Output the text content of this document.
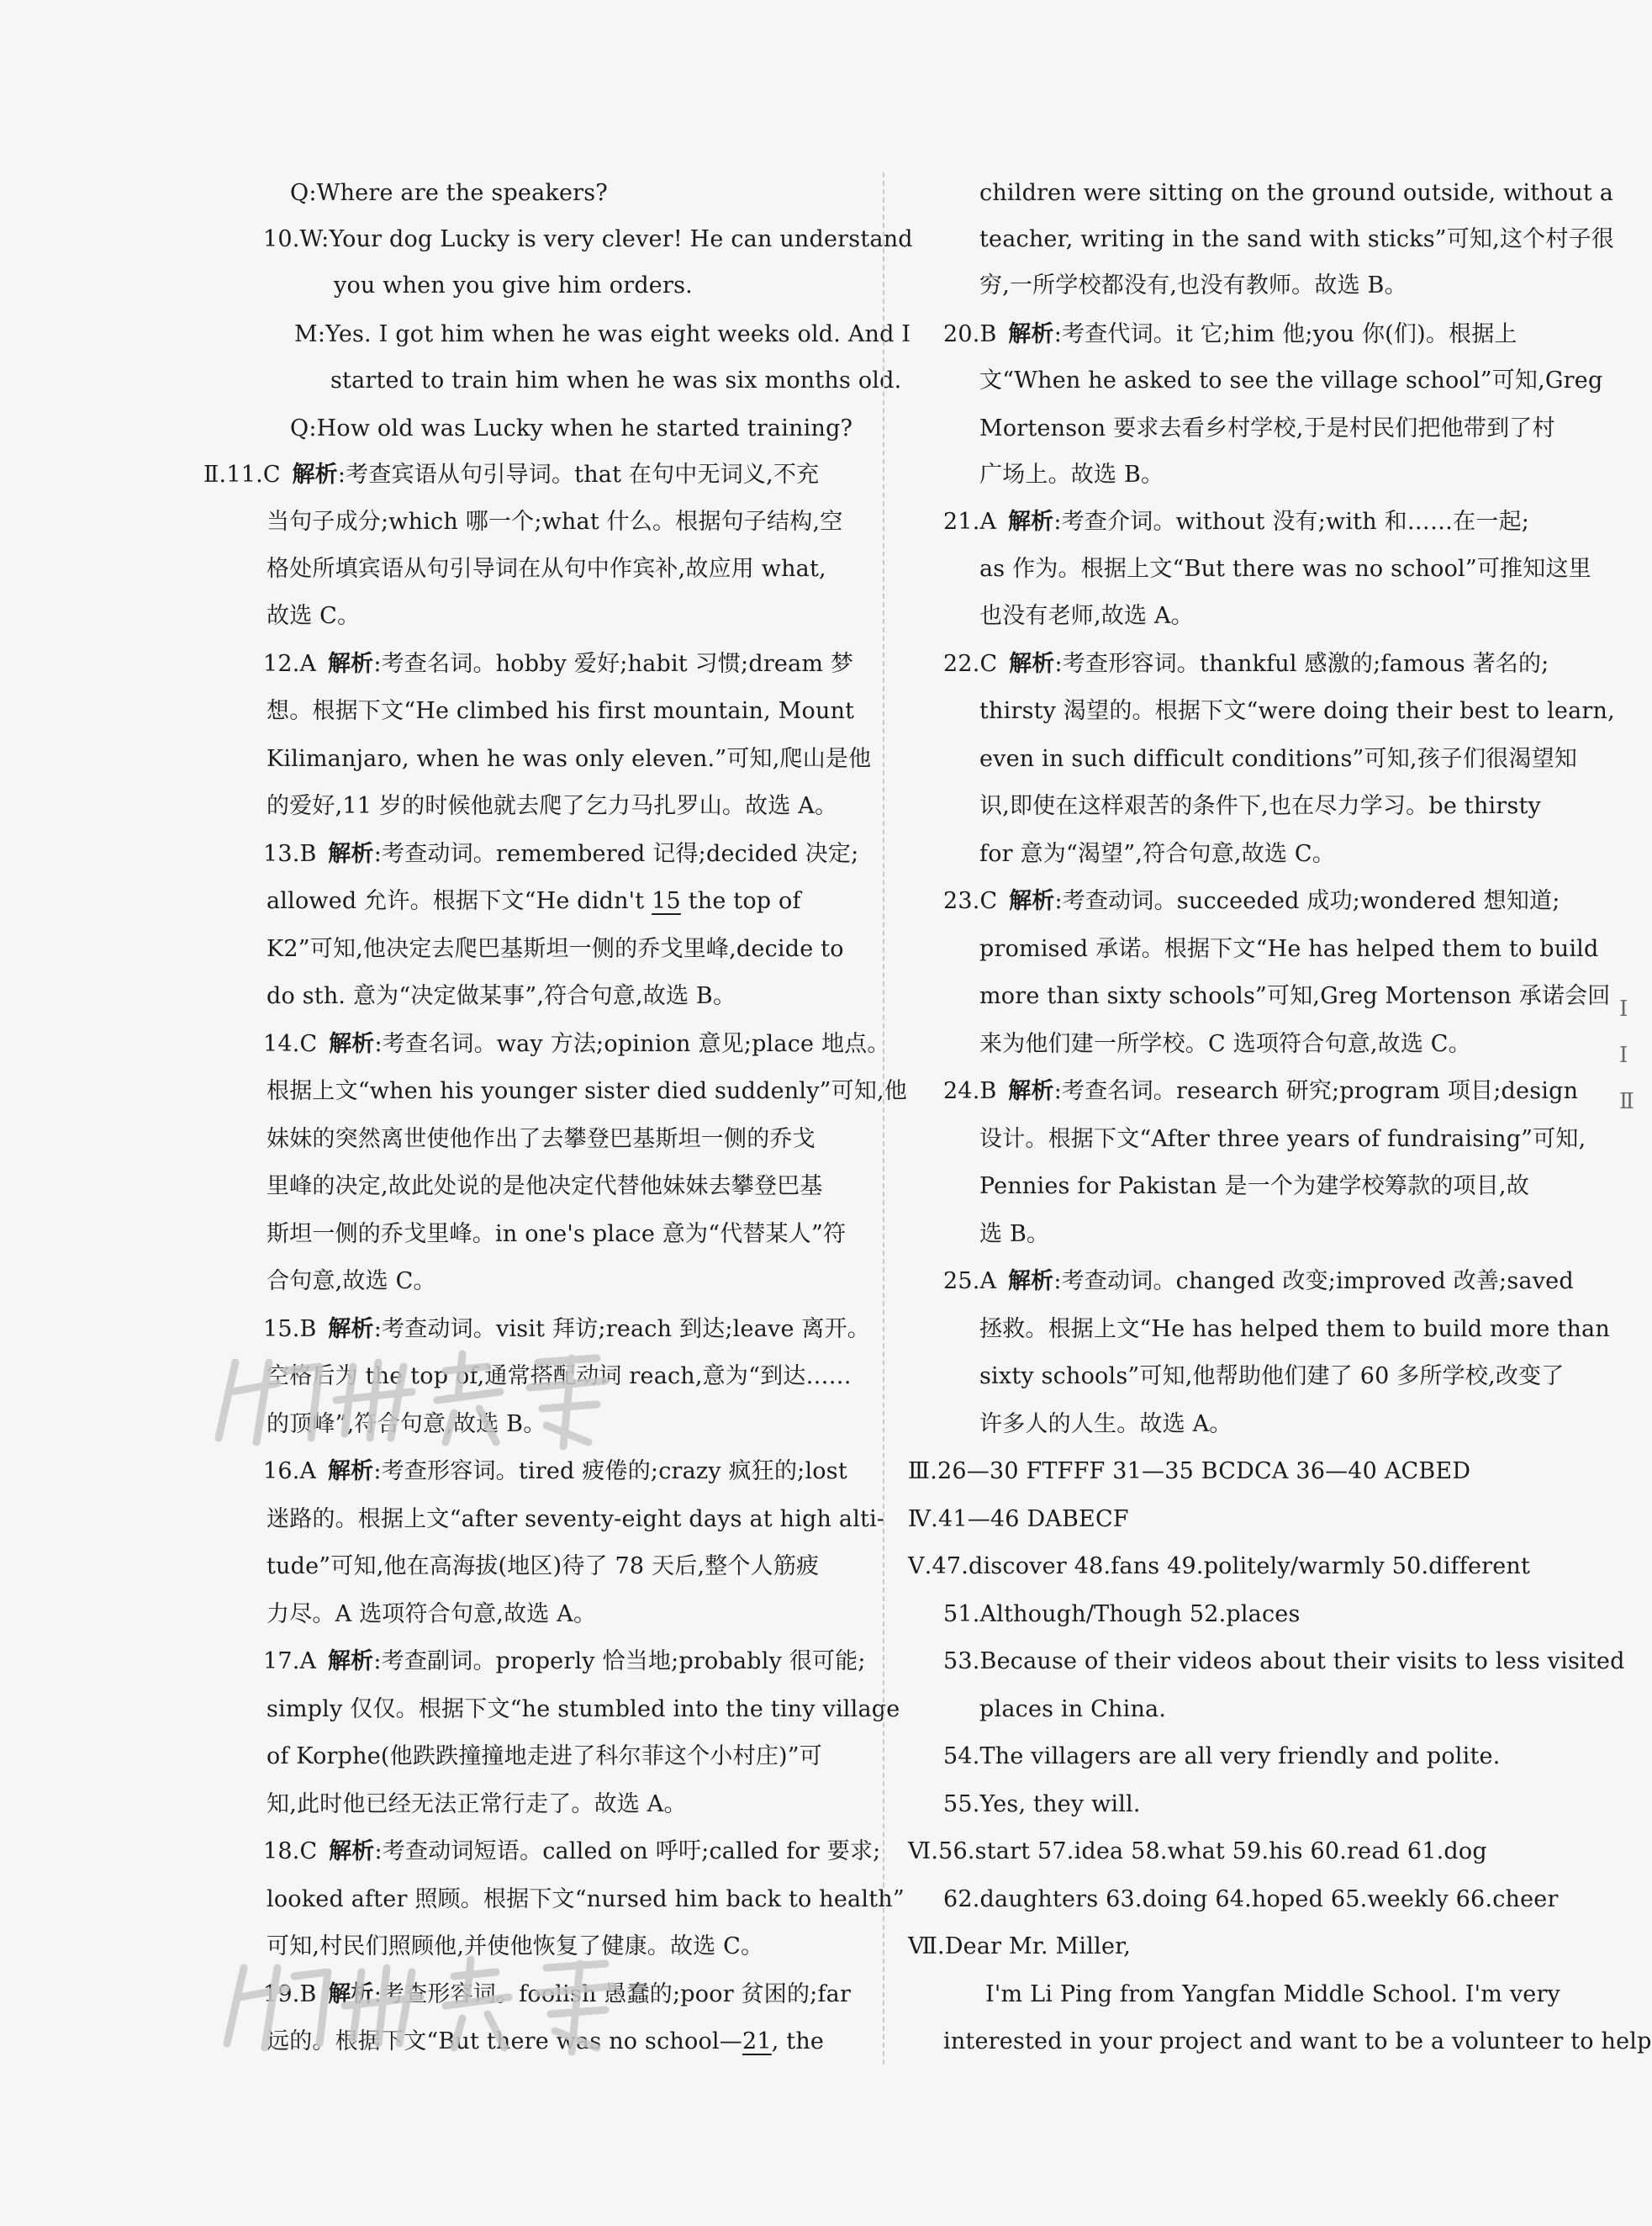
Q:Where are the speakers?
10.W:Your dog Lucky is very clever! He can understand
you when you give him orders.
M:Yes. I got him when he was eight weeks old. And I
started to train him when he was six months old.
Q:How old was Lucky when he started training?
Ⅱ.11.C  解析:考查宾语从句引导词。that 在句中无词义,不充
当句子成分;which 哪一个;what 什么。根据句子结构,空
格处所填宾语从句引导词在从句中作宾补,故应用 what,
故选 C。
12.A  解析:考查名词。hobby 爱好;habit 习惯;dream 梦
想。根据下文“He climbed his first mountain, Mount
Kilimanjaro, when he was only eleven.”可知,爬山是他
的爱好,11 岁的时候他就去爬了乞力马扎罗山。故选 A。
13.B  解析:考查动词。remembered 记得;decided 决定;
allowed 允许。根据下文“He didn't 15 the top of
K2”可知,他决定去爬巴基斯坦一侧的乔戈里峰,decide to
do sth. 意为“决定做某事”,符合句意,故选 B。
14.C  解析:考查名词。way 方法;opinion 意见;place 地点。
根据上文“when his younger sister died suddenly”可知,他
妹妹的突然离世使他作出了去攀登巴基斯坦一侧的乔戈
里峰的决定,故此处说的是他决定代替他妹妹去攀登巴基
斯坦一侧的乔戈里峰。in one's place 意为“代替某人”符
合句意,故选 C。
15.B  解析:考查动词。visit 拜访;reach 到达;leave 离开。
空格后为 the top of,通常搭配动词 reach,意为“到达……
的顶峰”,符合句意,故选 B。
16.A  解析:考查形容词。tired 疲倦的;crazy 疯狂的;lost
迷路的。根据上文“after seventy-eight days at high alti-
tude”可知,他在高海拔(地区)待了 78 天后,整个人筋疲
力尽。A 选项符合句意,故选 A。
17.A  解析:考查副词。properly 恰当地;probably 很可能;
simply 仅仅。根据下文“he stumbled into the tiny village
of Korphe(他跌跌撞撞地走进了科尔菲这个小村庄)”可
知,此时他已经无法正常行走了。故选 A。
18.C  解析:考查动词短语。called on 呼吁;called for 要求;
looked after 照顾。根据下文“nursed him back to health”
可知,村民们照顾他,并使他恢复了健康。故选 C。
19.B  解析:考查形容词。foolish 愚蠢的;poor 贫困的;far
远的。根据下文“But there was no school—21, the
children were sitting on the ground outside, without a
teacher, writing in the sand with sticks”可知,这个村子很
穷,一所学校都没有,也没有教师。故选 B。
20.B  解析:考查代词。it 它;him 他;you 你(们)。根据上
文“When he asked to see the village school”可知,Greg
Mortenson 要求去看乡村学校,于是村民们把他带到了村
广场上。故选 B。
21.A  解析:考查介词。without 没有;with 和……在一起;
as 作为。根据上文“But there was no school”可推知这里
也没有老师,故选 A。
22.C  解析:考查形容词。thankful 感激的;famous 著名的;
thirsty 渴望的。根据下文“were doing their best to learn,
even in such difficult conditions”可知,孩子们很渴望知
识,即使在这样艰苦的条件下,也在尽力学习。be thirsty
for 意为“渴望”,符合句意,故选 C。
23.C  解析:考查动词。succeeded 成功;wondered 想知道;
promised 承诺。根据下文“He has helped them to build
more than sixty schools”可知,Greg Mortenson 承诺会回
来为他们建一所学校。C 选项符合句意,故选 C。
24.B  解析:考查名词。research 研究;program 项目;design
设计。根据下文“After three years of fundraising”可知,
Pennies for Pakistan 是一个为建学校筹款的项目,故
选 B。
25.A  解析:考查动词。changed 改变;improved 改善;saved
拯救。根据上文“He has helped them to build more than
sixty schools”可知,他帮助他们建了 60 多所学校,改变了
许多人的人生。故选 A。
Ⅲ.26—30 FTFFF 31—35 BCDCA 36—40 ACBED
Ⅳ.41—46 DABECF
Ⅴ.47.discover 48.fans 49.politely/warmly 50.different
51.Although/Though 52.places
53.Because of their videos about their visits to less visited
places in China.
54.The villagers are all very friendly and polite.
55.Yes, they will.
Ⅵ.56.start 57.idea 58.what 59.his 60.read 61.dog
62.daughters 63.doing 64.hoped 65.weekly 66.cheer
Ⅶ.Dear Mr. Miller,
I'm Li Ping from Yangfan Middle School. I'm very
interested in your project and want to be a volunteer to help
Ⅰ
Ⅰ
Ⅱ
